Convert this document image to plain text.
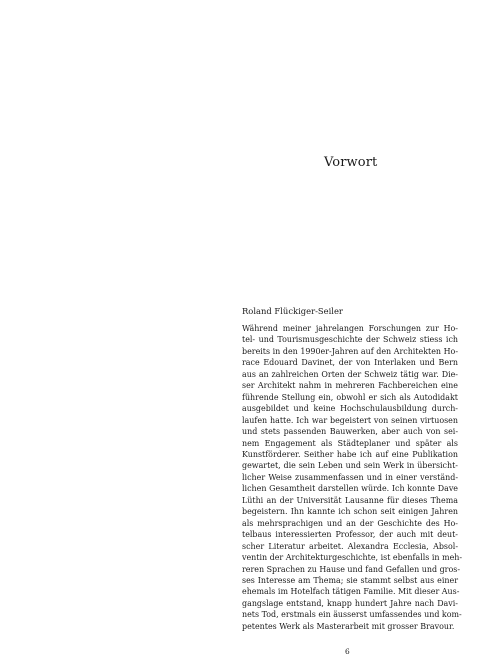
Vorwort

Roland Flückiger-Seiler

Während meiner jahrelangen Forschungen zur Ho-
tel- und Tourismusgeschichte der Schweiz stiess ich
bereits in den 1990er-Jahren auf den Architekten Ho-
race Edouard Davinet, der von Interlaken und Bern
aus an zahlreichen Orten der Schweiz tätig war. Die-
ser Architekt nahm in mehreren Fachbereichen eine
führende Stellung ein, obwohl er sich als Autodidakt
ausgebildet und keine Hochschulausbildung durch-
laufen hatte. Ich war begeistert von seinen virtuosen
und stets passenden Bauwerken, aber auch von sei-
nem Engagement als Städteplaner und später als
Kunstförderer. Seither habe ich auf eine Publikation
gewartet, die sein Leben und sein Werk in übersicht-
licher Weise zusammenfassen und in einer verständ-
lichen Gesamtheit darstellen würde. Ich konnte Dave
Lüthi an der Universität Lausanne für dieses Thema
begeistern. Ihn kannte ich schon seit einigen Jahren
als mehrsprachigen und an der Geschichte des Ho-
telbaus interessierten Professor, der auch mit deut-
scher Literatur arbeitet. Alexandra Ecclesia, Absol-
ventin der Architekturgeschichte, ist ebenfalls in meh-
reren Sprachen zu Hause und fand Gefallen und gros-
ses Interesse am Thema; sie stammt selbst aus einer
ehemals im Hotelfach tätigen Familie. Mit dieser Aus-
gangslage entstand, knapp hundert Jahre nach Davi-
nets Tod, erstmals ein äusserst umfassendes und kom-
petentes Werk als Masterarbeit mit grosser Bravour.

6
